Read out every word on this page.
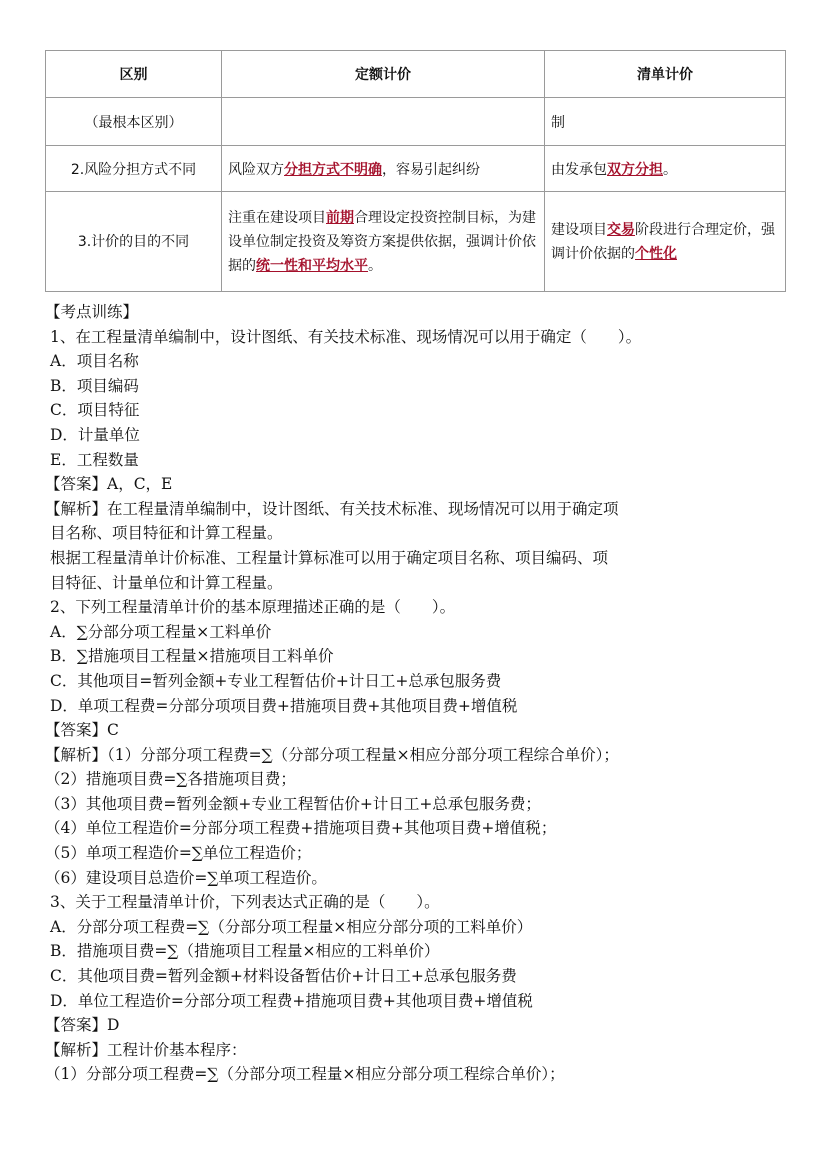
区别	定额计价	清单计价
（最根本区别）		制
2.风险分担方式不同	风险双方分担方式不明确，容易引起纠纷	由发承包双方分担。
3.计价的目的不同	注重在建设项目前期合理设定投资控制目标，为建设单位制定投资及筹资方案提供依据，强调计价依据的统一性和平均水平。	建设项目交易阶段进行合理定价，强调计价依据的个性化
【考点训练】
1、在工程量清单编制中，设计图纸、有关技术标准、现场情况可以用于确定（　　）。
A．项目名称
B．项目编码
C．项目特征
D．计量单位
E．工程数量
【答案】A，C，E
【解析】在工程量清单编制中，设计图纸、有关技术标准、现场情况可以用于确定项
目名称、项目特征和计算工程量。
根据工程量清单计价标准、工程量计算标准可以用于确定项目名称、项目编码、项
目特征、计量单位和计算工程量。
2、下列工程量清单计价的基本原理描述正确的是（　　）。
A．∑分部分项工程量×工料单价
B．∑措施项目工程量×措施项目工料单价
C．其他项目=暂列金额+专业工程暂估价+计日工+总承包服务费
D．单项工程费=分部分项项目费+措施项目费+其他项目费+增值税
【答案】C
【解析】（1）分部分项工程费=∑（分部分项工程量×相应分部分项工程综合单价）；
（2）措施项目费=∑各措施项目费；
（3）其他项目费=暂列金额+专业工程暂估价+计日工+总承包服务费；
（4）单位工程造价=分部分项工程费+措施项目费+其他项目费+增值税；
（5）单项工程造价=∑单位工程造价；
（6）建设项目总造价=∑单项工程造价。
3、关于工程量清单计价，下列表达式正确的是（　　）。
A．分部分项工程费=∑（分部分项工程量×相应分部分项的工料单价）
B．措施项目费=∑（措施项目工程量×相应的工料单价）
C．其他项目费=暂列金额+材料设备暂估价+计日工+总承包服务费
D．单位工程造价=分部分项工程费+措施项目费+其他项目费+增值税
【答案】D
【解析】工程计价基本程序：
（1）分部分项工程费=∑（分部分项工程量×相应分部分项工程综合单价）；
